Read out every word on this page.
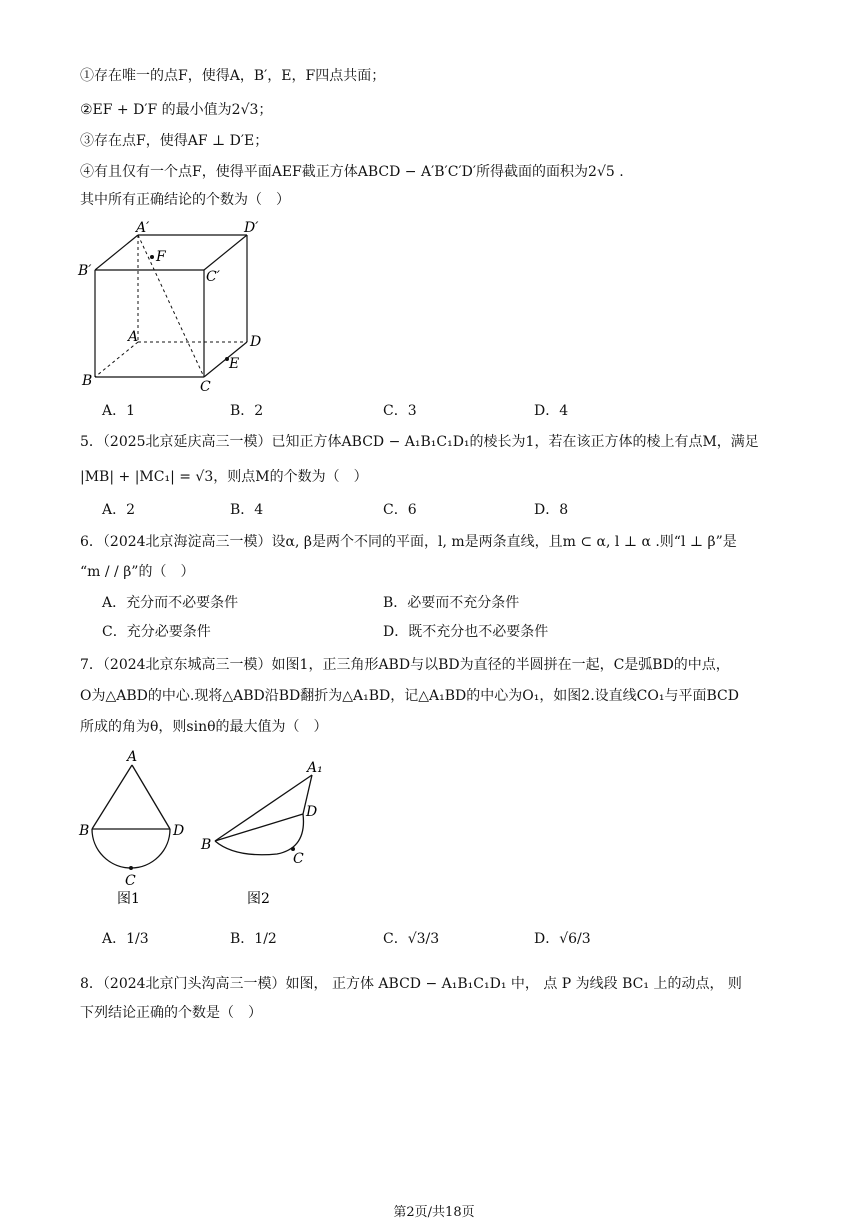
①存在唯一的点F，使得A，B′，E，F四点共面；
②EF + D′F 的最小值为2√3；
③存在点F，使得AF ⊥ D′E；
④有且仅有一个点F，使得平面AEF截正方体ABCD − A′B′C′D′所得截面的面积为2√5 .
其中所有正确结论的个数为（　）
A′	D′
B′	C′
F
A	D
B	C
E
A．1	B．2	C．3	D．4
5．（2025北京延庆高三一模）已知正方体ABCD − A₁B₁C₁D₁的棱长为1，若在该正方体的棱上有点M，满足
|MB| + |MC₁| = √3，则点M的个数为（　）
A．2	B．4	C．6	D．8
6．（2024北京海淀高三一模）设α, β是两个不同的平面，l, m是两条直线，且m ⊂ α, l ⊥ α .则“l ⊥ β”是
“m / / β”的（　）
A．充分而不必要条件	B．必要而不充分条件
C．充分必要条件	D．既不充分也不必要条件
7．（2024北京东城高三一模）如图1，正三角形ABD与以BD为直径的半圆拼在一起，C是弧BD的中点，
O为△ABD的中心.现将△ABD沿BD翻折为△A₁BD，记△A₁BD的中心为O₁，如图2.设直线CO₁与平面BCD
所成的角为θ，则sinθ的最大值为（　）
A
B	D
C
图1
A₁
D
B
C
图2
A．1/3	B．1/2	C．√3/3	D．√6/3
8．（2024北京门头沟高三一模）如图， 正方体 ABCD − A₁B₁C₁D₁ 中， 点 P 为线段 BC₁ 上的动点， 则
下列结论正确的个数是（　）
第2页/共18页
